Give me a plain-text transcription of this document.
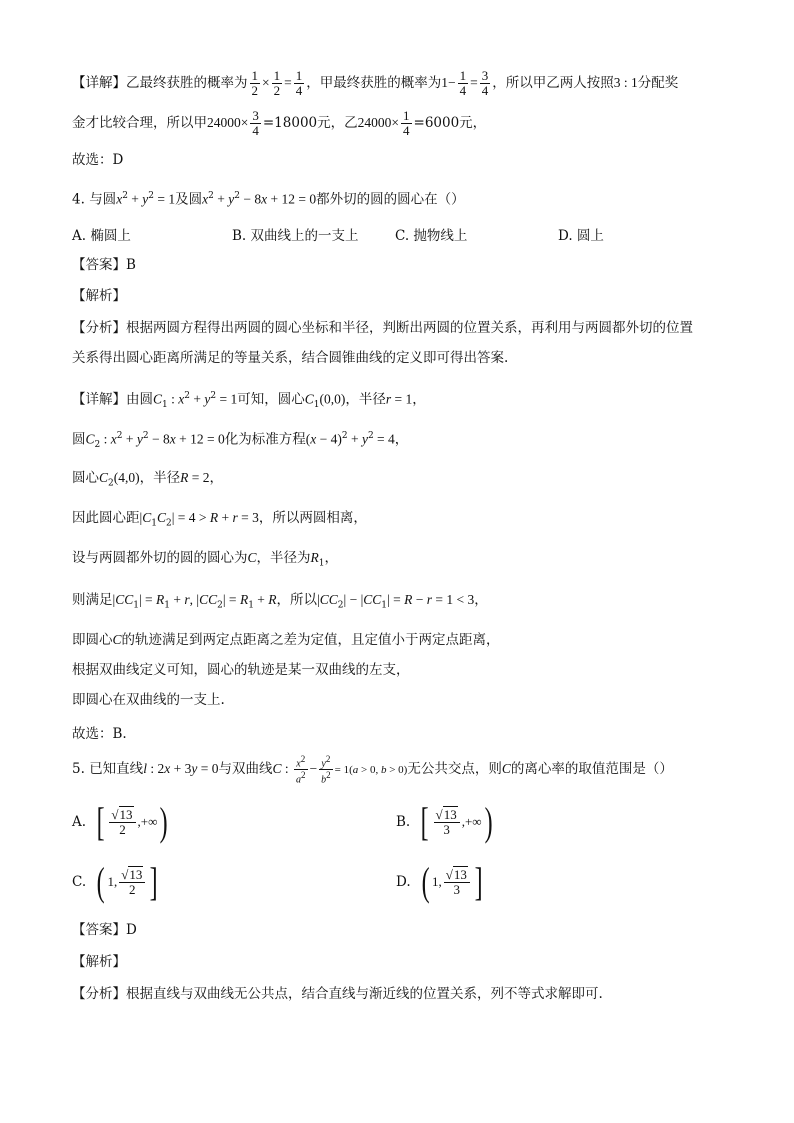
【详解】乙最终获胜的概率为 $\frac{1}{2} \times \frac{1}{2} = \frac{1}{4}$ ，甲最终获胜的概率为$1- \frac{1}{4} = \frac{3}{4}$ ，所以甲乙两人按照3 : 1分配奖
金才比较合理，所以甲$24000\times \frac{3}{4} =18000$元，乙$24000\times \frac{1}{4} =6000$元，
故选：D
4. 与圆$x^2 + y^2 = 1$及圆$x^2 + y^2 - 8x + 12 = 0$都外切的圆的圆心在（）
A. 椭圆上	B. 双曲线上的一支上	C. 抛物线上	D. 圆上
【答案】B
【解析】
【分析】根据两圆方程得出两圆的圆心坐标和半径，判断出两圆的位置关系，再利用与两圆都外切的位置
关系得出圆心距离所满足的等量关系，结合圆锥曲线的定义即可得出答案.
【详解】由圆$C_1$ : $x^2 + y^2 = 1$可知，圆心$C_1(0,0)$，半径r = 1，
圆$C_2$ : $x^2 + y^2 - 8x + 12 = 0$化为标准方程$(x - 4)^2 + y^2 = 4$，
圆心$C_2(4,0)$，半径R = 2，
因此圆心距$|C_1C_2| = 4 > R + r = 3$，所以两圆相离，
设与两圆都外切的圆的圆心为C，半径为$R_1$，
则满足$|CC_1| = R_1 + r$, $|CC_2| = R_1 + R$，所以$|CC_2| - |CC_1| = R - r = 1 < 3$，
即圆心C的轨迹满足到两定点距离之差为定值，且定值小于两定点距离，
根据双曲线定义可知，圆心的轨迹是某一双曲线的左支，
即圆心在双曲线的一支上.
故选：B.
5. 已知直线l : 2x + 3y = 0与双曲线C : $\frac{x^2}{a^2} - \frac{y^2}{b^2} = 1(a > 0$, b > 0)无公共交点，则C的离心率的取值范围是（）
A. [ $\frac{√13}{2}$ , +∞ )	B. [ $\frac{√13}{3}$ , +∞ )
C. ( 1, $\frac{√13}{2}$ ]	D. ( 1, $\frac{√13}{3}$ ]
【答案】D
【解析】
【分析】根据直线与双曲线无公共点，结合直线与渐近线的位置关系，列不等式求解即可.
